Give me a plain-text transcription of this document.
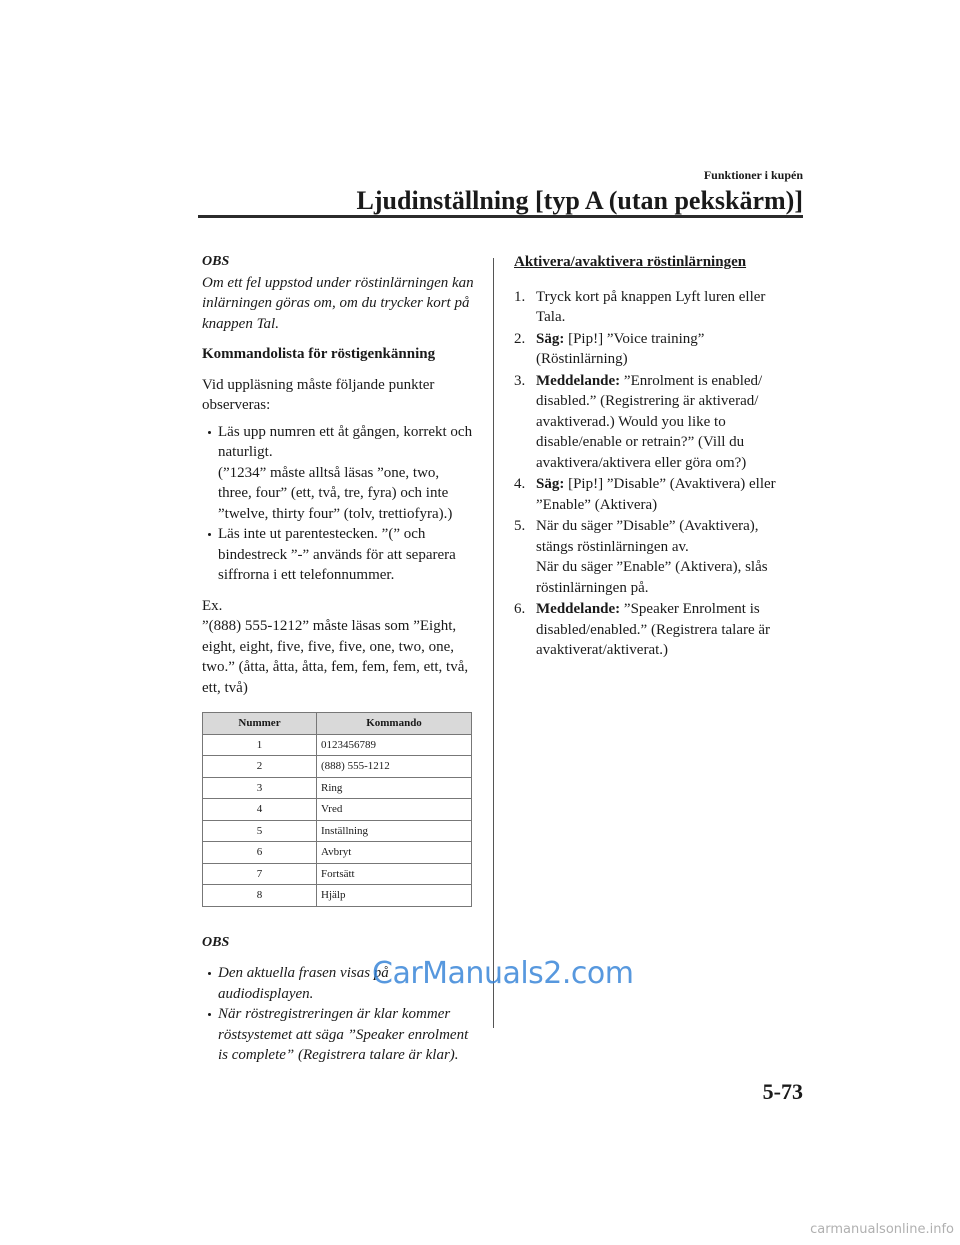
Funktioner i kupén
Ljudinställning [typ A (utan pekskärm)]

OBS

Om ett fel uppstod under röstinlärningen kan inlärningen göras om, om du trycker kort på knappen Tal.

Kommandolista för röstigenkänning

Vid uppläsning måste följande punkter observeras:

Läs upp numren ett åt gången, korrekt och naturligt.

(”1234” måste alltså läsas ”one, two, three, four” (ett, två, tre, fyra) och inte ”twelve, thirty four” (tolv, trettiofyra).)

Läs inte ut parentestecken. ”(” och bindestreck ”-” används för att separera siffrorna i ett telefonnummer.

Ex.

”(888) 555-1212” måste läsas som ”Eight, eight, eight, five, five, five, one, two, one, two.” (åtta, åtta, åtta, fem, fem, fem, ett, två, ett, två)

Nummer	Kommando
1	0123456789
2	(888) 555-1212
3	Ring
4	Vred
5	Inställning
6	Avbryt
7	Fortsätt
8	Hjälp

OBS

Den aktuella frasen visas på audiodisplayen.

När röstregistreringen är klar kommer röstsystemet att säga ”Speaker enrolment is complete” (Registrera talare är klar).

Aktivera/avaktivera röstinlärningen

1. Tryck kort på knappen Lyft luren eller Tala.
2. Säg: [Pip!] ”Voice training” (Röstinlärning)
3. Meddelande: ”Enrolment is enabled/ disabled.” (Registrering är aktiverad/ avaktiverad.) Would you like to disable/enable or retrain?” (Vill du avaktivera/aktivera eller göra om?)
4. Säg: [Pip!] ”Disable” (Avaktivera) eller ”Enable” (Aktivera)
5. När du säger ”Disable” (Avaktivera), stängs röstinlärningen av.
När du säger ”Enable” (Aktivera), slås röstinlärningen på.
6. Meddelande: ”Speaker Enrolment is disabled/enabled.” (Registrera talare är avaktiverat/aktiverat.)
CarManuals2.com
carmanualsonline.info
5-73
